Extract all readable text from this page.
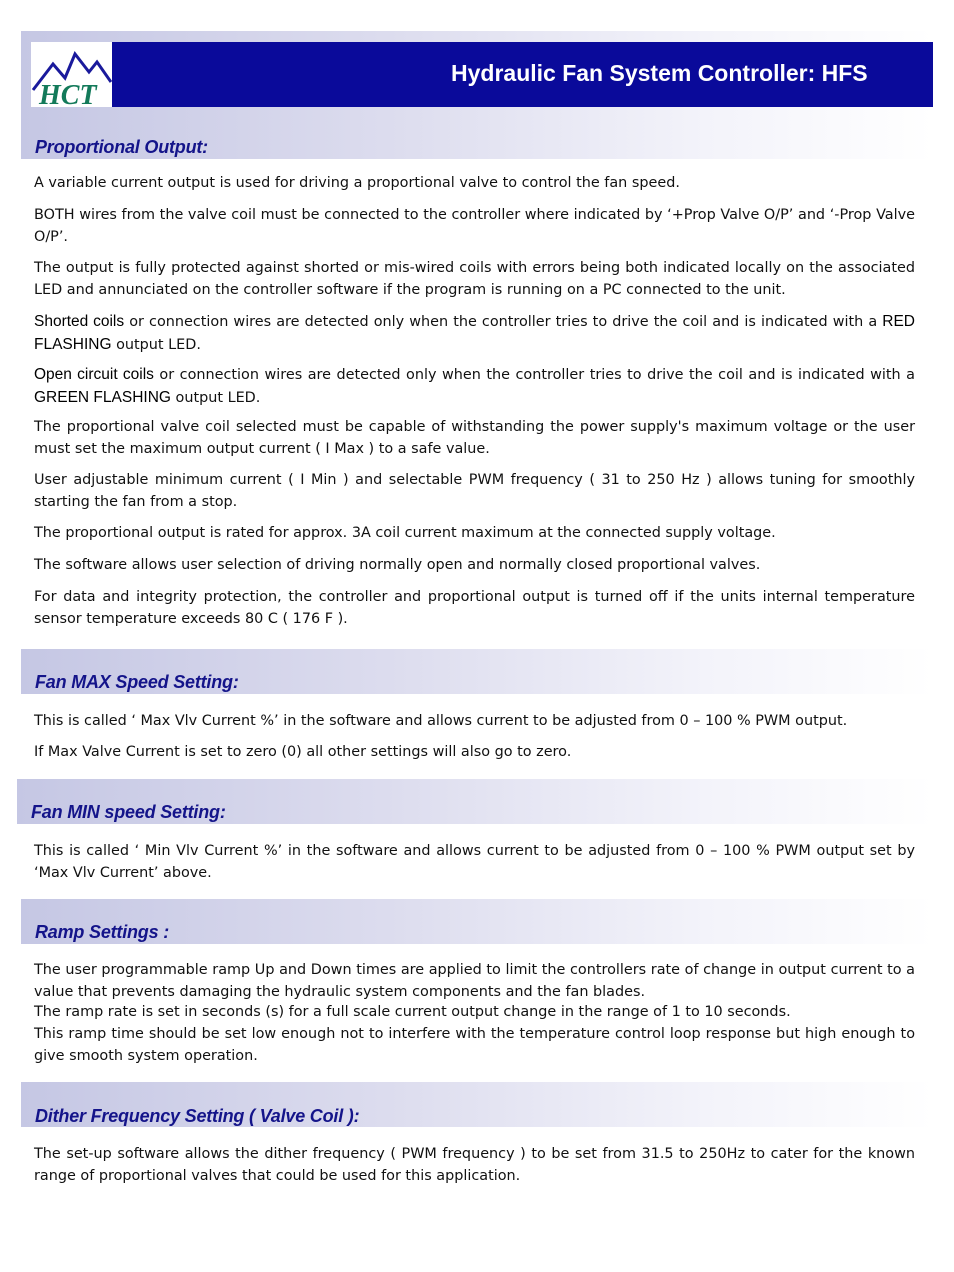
HCT
Hydraulic Fan System Controller: HFS
Proportional Output:

A variable current output is used for driving a proportional valve to control the fan speed.

BOTH wires from the valve coil must be connected to the controller where indicated by ‘+Prop Valve O/P’ and ‘-Prop Valve O/P’.

The output is fully protected against shorted or mis-wired coils with errors being both indicated locally on the associated LED and annunciated on the controller software if the program is running on a PC connected to the unit.

Shorted coils or connection wires are detected only when the controller tries to drive the coil and is indicated with a RED FLASHING output LED.

Open circuit coils or connection wires are detected only when the controller tries to drive the coil and is indicated with a GREEN FLASHING output LED.

The proportional valve coil selected must be capable of withstanding the power supply's maximum voltage or the user must set the maximum output current ( I Max ) to a safe value.

User adjustable minimum current ( I Min ) and selectable PWM frequency ( 31 to 250 Hz ) allows tuning for smoothly starting the fan from a stop.

The proportional output is rated for approx. 3A coil current maximum at the connected supply voltage.

The software allows user selection of driving normally open and normally closed proportional valves.

For data and integrity protection, the controller and proportional output is turned off if the units internal temperature sensor temperature exceeds 80 C ( 176 F ).

Fan MAX Speed Setting:

This is called ‘ Max Vlv Current %’ in the software and allows current to be adjusted from 0 – 100 % PWM output.

If Max Valve Current is set to zero (0) all other settings will also go to zero.

Fan MIN speed Setting:

This is called ‘ Min Vlv Current %’ in the software and allows current to be adjusted from 0 – 100 % PWM output set by ‘Max Vlv Current’ above.

Ramp Settings :

The user programmable ramp Up and Down times are applied to limit the controllers rate of change in output current to a value that prevents damaging the hydraulic system components and the fan blades.

The ramp rate is set in seconds (s) for a full scale current output change in the range of 1 to 10 seconds.

This ramp time should be set low enough not to interfere with the temperature control loop response but high enough to give smooth system operation.

Dither Frequency Setting ( Valve Coil ):

The set-up software allows the dither frequency ( PWM frequency ) to be set from 31.5 to 250Hz to cater for the known range of proportional valves that could be used for this application.
